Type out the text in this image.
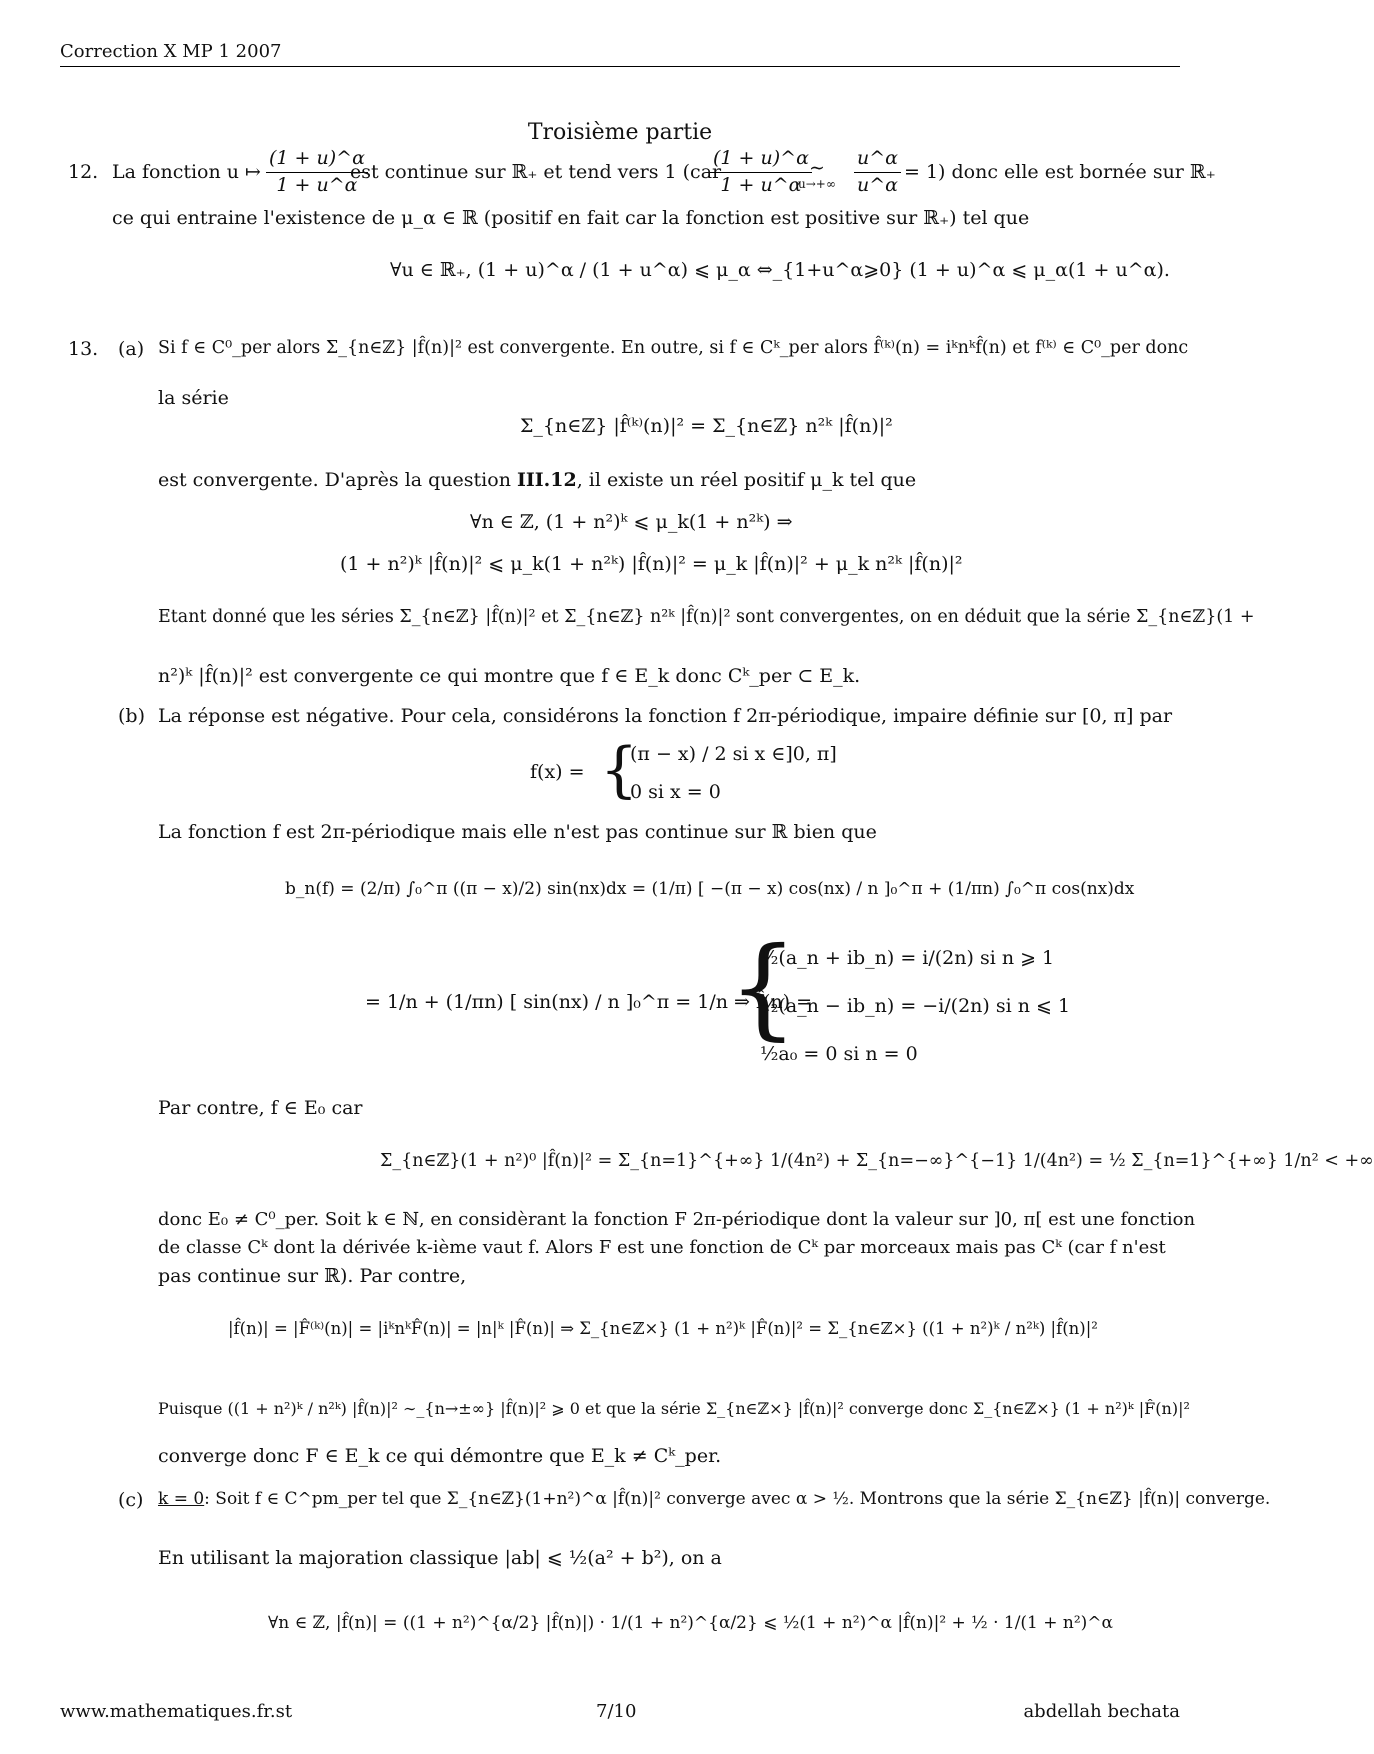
Correction X MP 1 2007
Troisième partie
12. La fonction u ↦ $\frac{(1 + u)\^{}\alpha}{1 + u\^{}\alpha}$
est continue sur ℝ₊ et tend vers 1 (car
$\frac{(1 + u)\^{}\alpha}{1 + u\^{}\alpha}$
∼
$u\to+\infty \frac{u\^{}\alpha}{u\^{}\alpha} = 1$) donc elle est bornée sur ℝ₊
ce qui entraine l'existence de μ_α ∈ ℝ (positif en fait car la fonction est positive sur ℝ₊) tel que
∀u ∈ ℝ₊, (1 + u)^α / (1 + u^α) ⩽ μ_α ⇔_{1+u^α⩾0} (1 + u)^α ⩽ μ_α(1 + u^α).
13. (a) Si f ∈ C⁰_per alors Σ_{n∈ℤ} |f̂(n)|² est convergente. En outre, si f ∈ Cᵏ_per alors f̂⁽ᵏ⁾(n) = iᵏnᵏf̂(n) et f⁽ᵏ⁾ ∈ C⁰_per donc
la série
Σ_{n∈ℤ} |f̂⁽ᵏ⁾(n)|² = Σ_{n∈ℤ} n²ᵏ |f̂(n)|²
est convergente. D'après la question III.12, il existe un réel positif μ_k tel que
∀n ∈ ℤ, (1 + n²)ᵏ ⩽ μ_k(1 + n²ᵏ) ⇒
(1 + n²)ᵏ |f̂(n)|² ⩽ μ_k(1 + n²ᵏ) |f̂(n)|² = μ_k |f̂(n)|² + μ_k n²ᵏ |f̂(n)|²
Etant donné que les séries Σ_{n∈ℤ} |f̂(n)|² et Σ_{n∈ℤ} n²ᵏ |f̂(n)|² sont convergentes, on en déduit que la série Σ_{n∈ℤ}(1 +
n²)ᵏ |f̂(n)|² est convergente ce qui montre que f ∈ E_k donc Cᵏ_per ⊂ E_k.
(b) La réponse est négative. Pour cela, considérons la fonction f 2π-périodique, impaire définie sur [0, π] par
f(x) = {
(π − x) / 2 si x ∈]0, π]
0 si x = 0
La fonction f est 2π-périodique mais elle n'est pas continue sur ℝ bien que
b_n(f) = (2/π) ∫₀^π ((π − x)/2) sin(nx)dx = (1/π) [ −(π − x) cos(nx) / n ]₀^π + (1/πn) ∫₀^π cos(nx)dx
= 1/n + (1/πn) [ sin(nx) / n ]₀^π = 1/n ⇒ f̂(n) =
{
½(a_n + ib_n) = i/(2n) si n ⩾ 1
½(a_n − ib_n) = −i/(2n) si n ⩽ 1
½a₀ = 0 si n = 0
Par contre, f ∈ E₀ car
Σ_{n∈ℤ}(1 + n²)⁰ |f̂(n)|² = Σ_{n=1}^{+∞} 1/(4n²) + Σ_{n=−∞}^{−1} 1/(4n²) = ½ Σ_{n=1}^{+∞} 1/n² < +∞
donc E₀ ≠ C⁰_per. Soit k ∈ ℕ, en considèrant la fonction F 2π-périodique dont la valeur sur ]0, π[ est une fonction
de classe Cᵏ dont la dérivée k-ième vaut f. Alors F est une fonction de Cᵏ par morceaux mais pas Cᵏ (car f n'est
pas continue sur ℝ). Par contre,
|f̂(n)| = |F̂⁽ᵏ⁾(n)| = |iᵏnᵏF̂(n)| = |n|ᵏ |F̂(n)| ⇒ Σ_{n∈ℤ×} (1 + n²)ᵏ |F̂(n)|² = Σ_{n∈ℤ×} ((1 + n²)ᵏ / n²ᵏ) |f̂(n)|²
Puisque ((1 + n²)ᵏ / n²ᵏ) |f̂(n)|² ∼_{n→±∞} |f̂(n)|² ⩾ 0 et que la série Σ_{n∈ℤ×} |f̂(n)|² converge donc Σ_{n∈ℤ×} (1 + n²)ᵏ |F̂(n)|²
converge donc F ∈ E_k ce qui démontre que E_k ≠ Cᵏ_per.
(c) k = 0: Soit f ∈ C^pm_per tel que Σ_{n∈ℤ}(1+n²)^α |f̂(n)|² converge avec α > ½. Montrons que la série Σ_{n∈ℤ} |f̂(n)| converge.
En utilisant la majoration classique |ab| ⩽ ½(a² + b²), on a
∀n ∈ ℤ, |f̂(n)| = ((1 + n²)^{α/2} |f̂(n)|) · 1/(1 + n²)^{α/2} ⩽ ½(1 + n²)^α |f̂(n)|² + ½ · 1/(1 + n²)^α
www.mathematiques.fr.st	7/10	abdellah bechata
